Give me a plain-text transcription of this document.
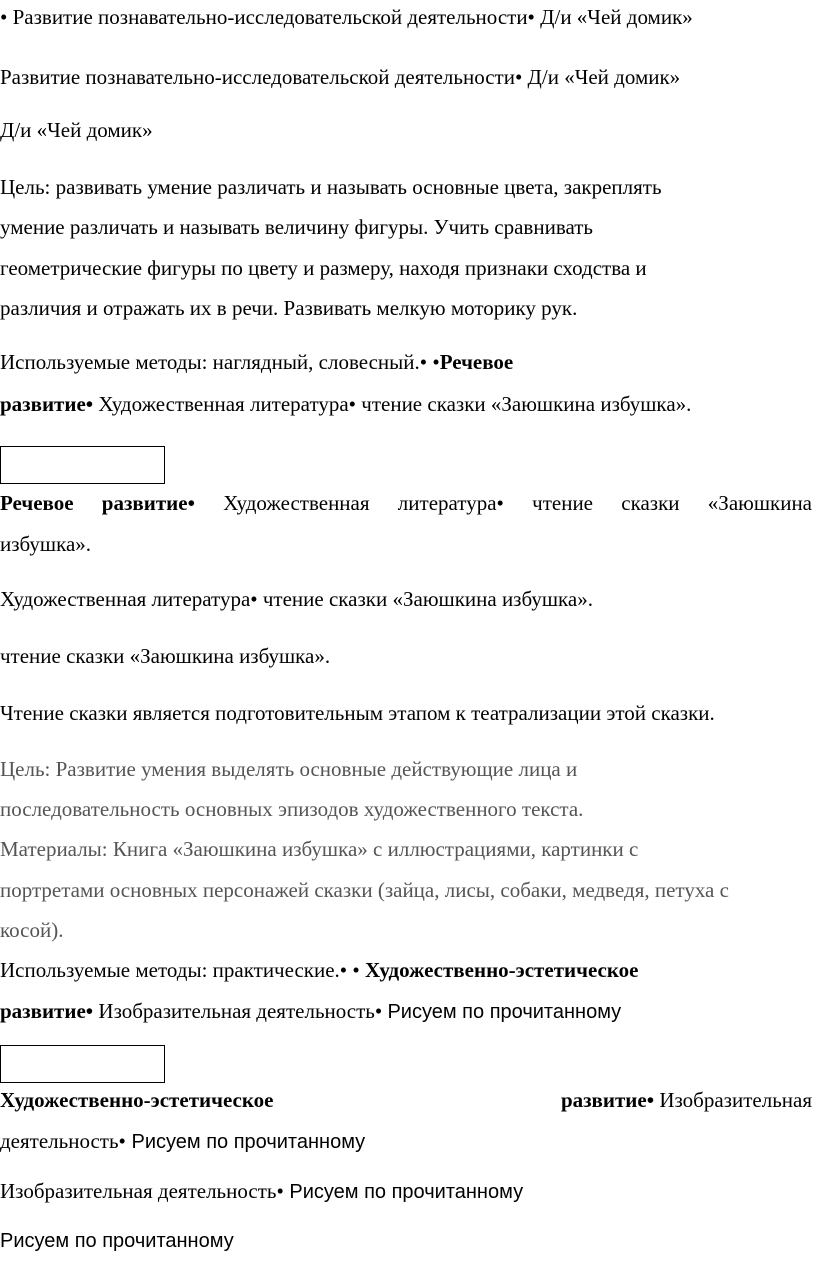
• Развитие познавательно-исследовательской деятельности• Д/и «Чей домик»
Развитие познавательно-исследовательской деятельности• Д/и «Чей домик»
Д/и «Чей домик»
Цель: развивать умение различать и называть основные цвета, закреплять
умение различать и называть величину фигуры. Учить сравнивать
геометрические фигуры по цвету и размеру, находя признаки сходства и
различия и отражать их в речи. Развивать мелкую моторику рук.
Используемые методы: наглядный, словесный.• •Речевое
развитие• Художественная литература• чтение сказки «Заюшкина избушка».
Речевое развитие• Художественная литература• чтение сказки «Заюшкина
избушка».
Художественная литература• чтение сказки «Заюшкина избушка».
чтение сказки «Заюшкина избушка».
Чтение сказки является подготовительным этапом к театрализации этой сказки.
Цель: Развитие умения выделять основные действующие лица и
последовательность основных эпизодов художественного текста.
Материалы: Книга «Заюшкина избушка» с иллюстрациями, картинки с
портретами основных персонажей сказки (зайца, лисы, собаки, медведя, петуха с
косой).
Используемые методы: практические.• • Художественно-эстетическое
развитие• Изобразительная деятельность• Рисуем по прочитанному
Художественно-эстетическое	развитие• Изобразительная
деятельность• Рисуем по прочитанному
Изобразительная деятельность• Рисуем по прочитанному
Рисуем по прочитанному
